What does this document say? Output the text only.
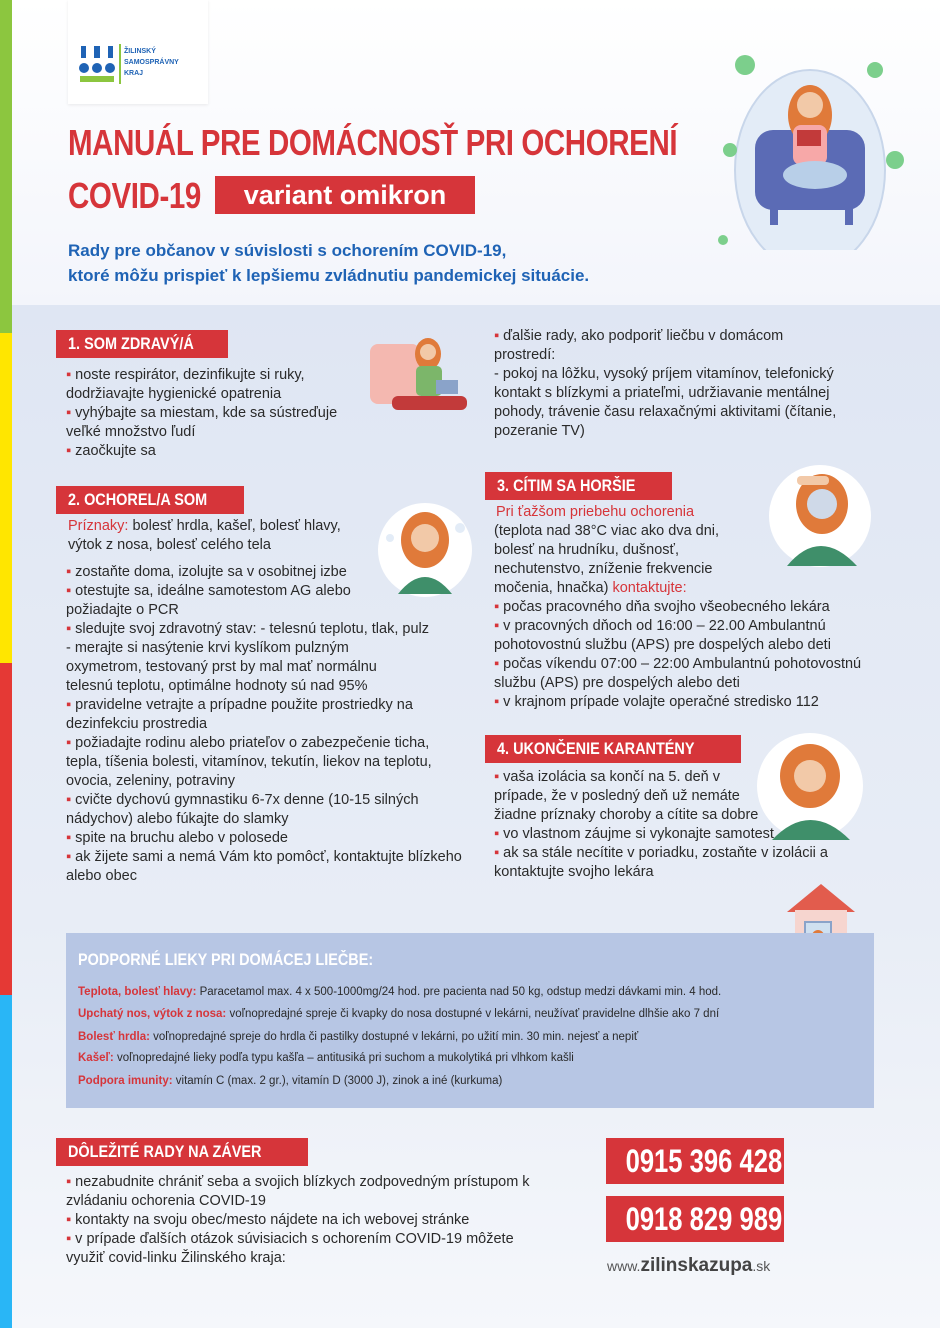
ŽILINSKÝ
SAMOSPRÁVNY
KRAJ
MANUÁL PRE DOMÁCNOSŤ PRI OCHORENÍ
COVID-19	variant omikron
Rady pre občanov v súvislosti s ochorením COVID-19,
ktoré môžu prispieť k lepšiemu zvládnutiu pandemickej situácie.
1. SOM ZDRAVÝ/Á

▪ noste respirátor, dezinfikujte si ruky, dodržiavajte hygienické opatrenia

▪ vyhýbajte sa miestam, kde sa sústreďuje veľké množstvo ľudí

▪ zaočkujte sa

2. OCHOREL/A SOM

Príznaky: bolesť hrdla, kašeľ, bolesť hlavy, výtok z nosa, bolesť celého tela

▪ zostaňte doma, izolujte sa v osobitnej izbe

▪ otestujte sa, ideálne samotestom AG alebo požiadajte o PCR

▪ sledujte svoj zdravotný stav: - telesnú teplotu, tlak, pulz

- merajte si nasýtenie krvi kyslíkom pulzným oxymetrom, testovaný prst by mal mať normálnu telesnú teplotu, optimálne hodnoty sú nad 95%

▪ pravidelne vetrajte a prípadne použite prostriedky na dezinfekciu prostredia

▪ požiadajte rodinu alebo priateľov o zabezpečenie ticha, tepla, tíšenia bolesti, vitamínov, tekutín, liekov na teplotu, ovocia, zeleniny, potraviny

▪ cvičte dychovú gymnastiku 6-7x denne (10-15 silných nádychov) alebo fúkajte do slamky

▪ spite na bruchu alebo v polosede

▪ ak žijete sami a nemá Vám kto pomôcť, kontaktujte blízkeho alebo obec

▪ ďalšie rady, ako podporiť liečbu v domácom prostredí:

- pokoj na lôžku, vysoký príjem vitamínov, telefonický kontakt s blízkymi a priateľmi, udržiavanie mentálnej pohody, trávenie času relaxačnými aktivitami (čítanie, pozeranie TV)

3. CÍTIM SA HORŠIE

Pri ťažšom priebehu ochorenia

(teplota nad 38°C viac ako dva dni, bolesť na hrudníku, dušnosť, nechutenstvo, zníženie frekvencie močenia, hnačka) kontaktujte:

▪ počas pracovného dňa svojho všeobecného lekára

▪ v pracovných dňoch od 16:00 – 22.00 Ambulantnú pohotovostnú službu (APS) pre dospelých alebo deti

▪ počas víkendu 07:00 – 22:00 Ambulantnú pohotovostnú službu (APS) pre dospelých alebo deti

▪ v krajnom prípade volajte operačné stredisko 112

4. UKONČENIE KARANTÉNY

▪ vaša izolácia sa končí na 5. deň v prípade, že v posledný deň už nemáte žiadne príznaky choroby a cítite sa dobre

▪ vo vlastnom záujme si vykonajte samotest

▪ ak sa stále necítite v poriadku, zostaňte v izolácii a kontaktujte svojho lekára

PODPORNÉ LIEKY PRI DOMÁCEJ LIEČBE:
Teplota, bolesť hlavy: Paracetamol max. 4 x 500-1000mg/24 hod. pre pacienta nad 50 kg, odstup medzi dávkami min. 4 hod.
Upchatý nos, výtok z nosa: voľnopredajné spreje či kvapky do nosa dostupné v lekárni, neužívať pravidelne dlhšie ako 7 dní
Bolesť hrdla: voľnopredajné spreje do hrdla či pastilky dostupné v lekárni, po užití min. 30 min. nejesť a nepiť
Kašeľ: voľnopredajné lieky podľa typu kašľa – antitusiká pri suchom a mukolytiká pri vlhkom kašli
Podpora imunity: vitamín C (max. 2 gr.), vitamín D (3000 J), zinok a iné (kurkuma)
DÔLEŽITÉ RADY NA ZÁVER

▪ nezabudnite chrániť seba a svojich blízkych zodpovedným prístupom k zvládaniu ochorenia COVID-19

▪ kontakty na svoju obec/mesto nájdete na ich webovej stránke

▪ v prípade ďalších otázok súvisiacich s ochorením COVID-19 môžete využiť covid-linku Žilinského kraja:

0915 396 428
0918 829 989
www.zilinskazupa.sk
